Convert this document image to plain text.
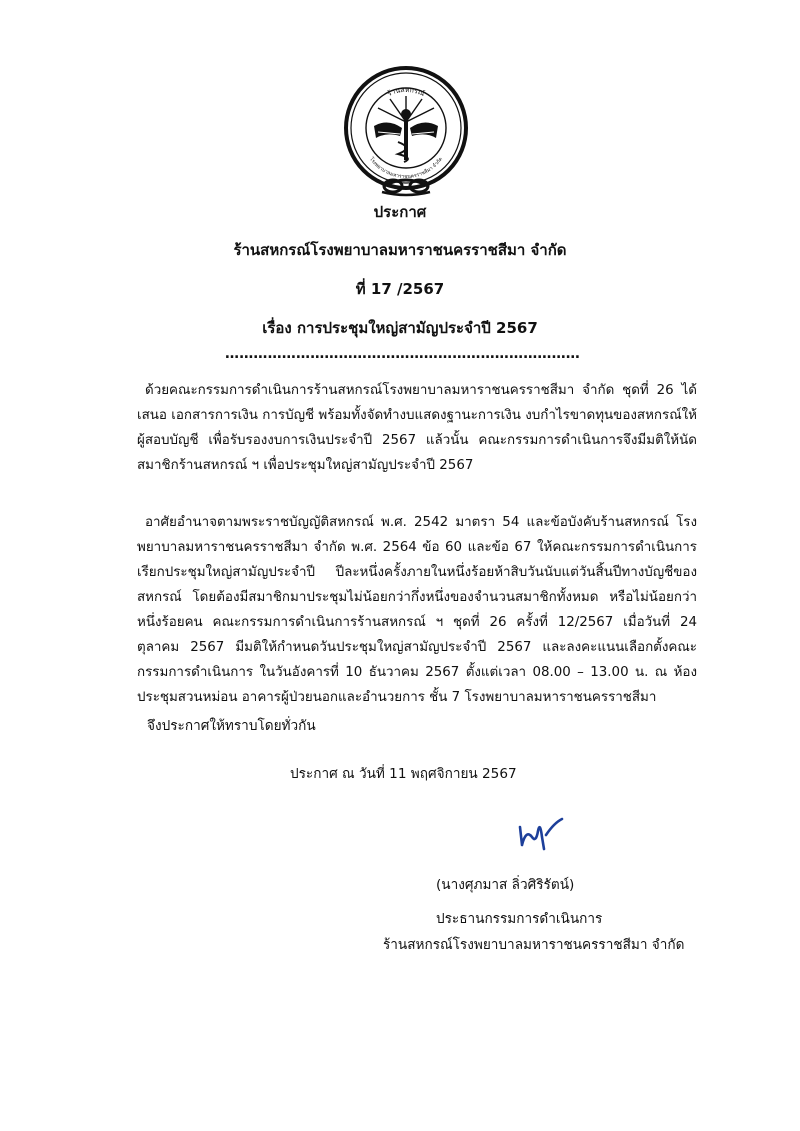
ร้านสหกรณ์
โรงพยาบาลมหาราชนครราชสีมา จำกัด
ประกาศ
ร้านสหกรณ์โรงพยาบาลมหาราชนครราชสีมา จำกัด
ที่ 17 /2567
เรื่อง การประชุมใหญ่สามัญประจำปี 2567
…………………………………………………………………
ด้วยคณะกรรมการดำเนินการร้านสหกรณ์โรงพยาบาลมหาราชนครราชสีมา จำกัด ชุดที่ 26 ได้เสนอ เอกสารการเงิน การบัญชี พร้อมทั้งจัดทำงบแสดงฐานะการเงิน งบกำไรขาดทุนของสหกรณ์ให้ผู้สอบบัญชี เพื่อรับรองงบการเงินประจำปี 2567 แล้วนั้น คณะกรรมการดำเนินการจึงมีมติให้นัดสมาชิกร้านสหกรณ์ ฯ เพื่อประชุมใหญ่สามัญประจำปี 2567
อาศัยอำนาจตามพระราชบัญญัติสหกรณ์ พ.ศ. 2542 มาตรา 54 และข้อบังคับร้านสหกรณ์ โรงพยาบาลมหาราชนครราชสีมา จำกัด พ.ศ. 2564 ข้อ 60 และข้อ 67 ให้คณะกรรมการดำเนินการ เรียกประชุมใหญ่สามัญประจำปี ปีละหนึ่งครั้งภายในหนึ่งร้อยห้าสิบวันนับแต่วันสิ้นปีทางบัญชีของสหกรณ์ โดยต้องมีสมาชิกมาประชุมไม่น้อยกว่ากึ่งหนึ่งของจำนวนสมาชิกทั้งหมด หรือไม่น้อยกว่าหนึ่งร้อยคน คณะกรรมการดำเนินการร้านสหกรณ์ ฯ ชุดที่ 26 ครั้งที่ 12/2567 เมื่อวันที่ 24 ตุลาคม 2567 มีมติให้กำหนดวันประชุมใหญ่สามัญประจำปี 2567 และลงคะแนนเลือกตั้งคณะกรรมการดำเนินการ ในวันอังคารที่ 10 ธันวาคม 2567 ตั้งแต่เวลา 08.00 – 13.00 น. ณ ห้องประชุมสวนหม่อน อาคารผู้ป่วยนอกและอำนวยการ ชั้น 7 โรงพยาบาลมหาราชนครราชสีมา
จึงประกาศให้ทราบโดยทั่วกัน
ประกาศ ณ วันที่ 11 พฤศจิกายน 2567
(นางศุภมาส ลิ่วศิริรัตน์)
ประธานกรรมการดำเนินการ
ร้านสหกรณ์โรงพยาบาลมหาราชนครราชสีมา จำกัด
